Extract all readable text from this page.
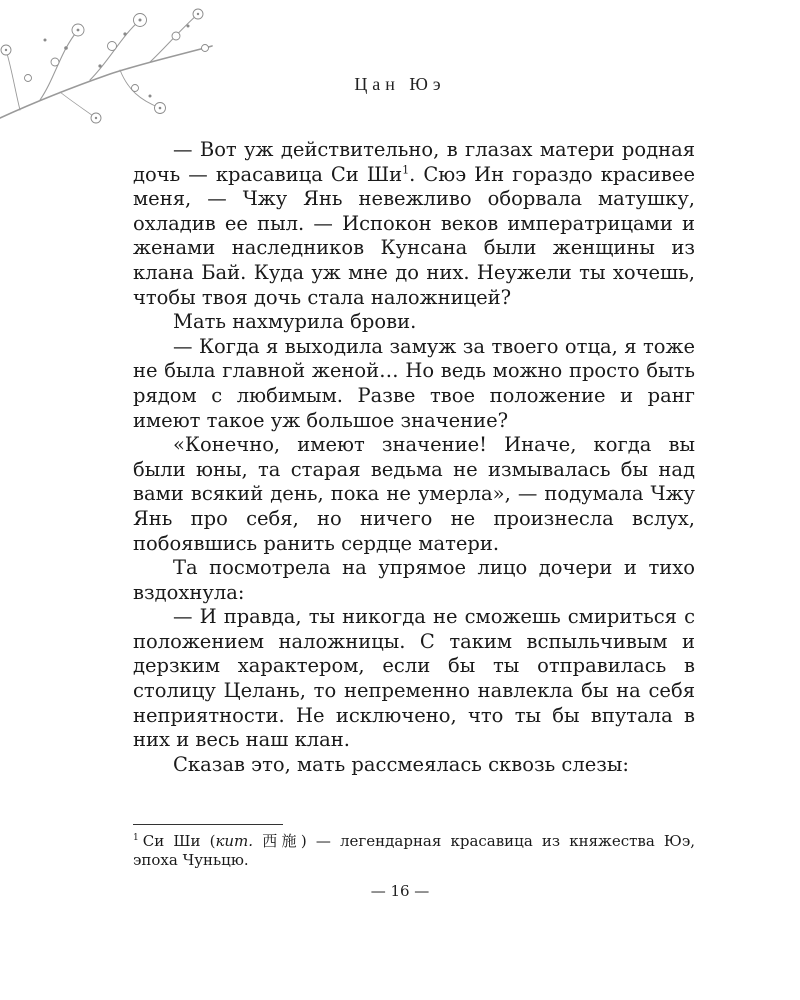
Цан Юэ

— Вот уж действительно, в глазах матери родная дочь — красавица Си $Ши^1$. Сюэ Ин гораздо красивее меня, — Чжу Янь невежливо оборвала матушку, охладив ее пыл. — Испокон веков императрицами и женами наследников Кунсана были женщины из клана Бай. Куда уж мне до них. Неужели ты хочешь, чтобы твоя дочь стала наложницей?

Мать нахмурила брови.

— Когда я выходила замуж за твоего отца, я тоже не была главной женой… Но ведь можно просто быть рядом с любимым. Разве твое положение и ранг имеют такое уж большое значение?

«Конечно, имеют значение! Иначе, когда вы были юны, та старая ведьма не измывалась бы над вами всякий день, пока не умерла», — подумала Чжу Янь про себя, но ничего не произнесла вслух, побоявшись ранить сердце матери.

Та посмотрела на упрямое лицо дочери и тихо вздохнула:

— И правда, ты никогда не сможешь смириться с положением наложницы. С таким вспыльчивым и дерзким характером, если бы ты отправилась в столицу Целань, то непременно навлекла бы на себя неприятности. Не исключено, что ты бы впутала в них и весь наш клан.

Сказав это, мать рассмеялась сквозь слезы:

$^1$ Си Ши (кит. 西施) — легендарная красавица из княжества Юэ, эпоха Чуньцю.

— 16 —
